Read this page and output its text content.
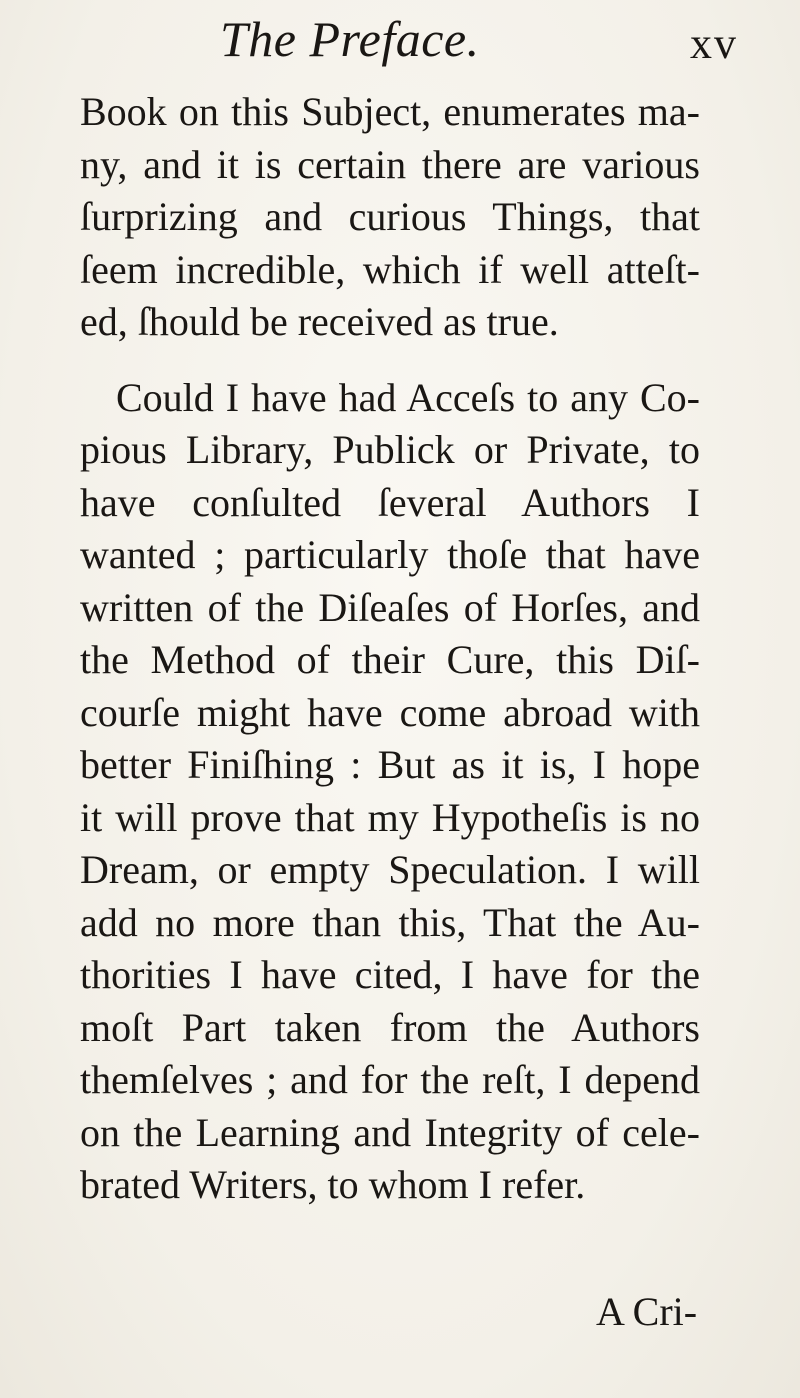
The Preface.	xv
Book on this Subject, enumerates ma-
ny, and it is certain there are various
ſurprizing and curious Things, that
ſeem incredible, which if well atteſt-
ed, ſhould be received as true.
Could I have had Acceſs to any Co-
pious Library, Publick or Private, to
have conſulted ſeveral Authors I
wanted ; particularly thoſe that have
written of the Diſeaſes of Horſes, and
the Method of their Cure, this Diſ-
courſe might have come abroad with
better Finiſhing : But as it is, I hope
it will prove that my Hypotheſis is no
Dream, or empty Speculation. I will
add no more than this, That the Au-
thorities I have cited, I have for the
moſt Part taken from the Authors
themſelves ; and for the reſt, I depend
on the Learning and Integrity of cele-
brated Writers, to whom I refer.
A Cri-
